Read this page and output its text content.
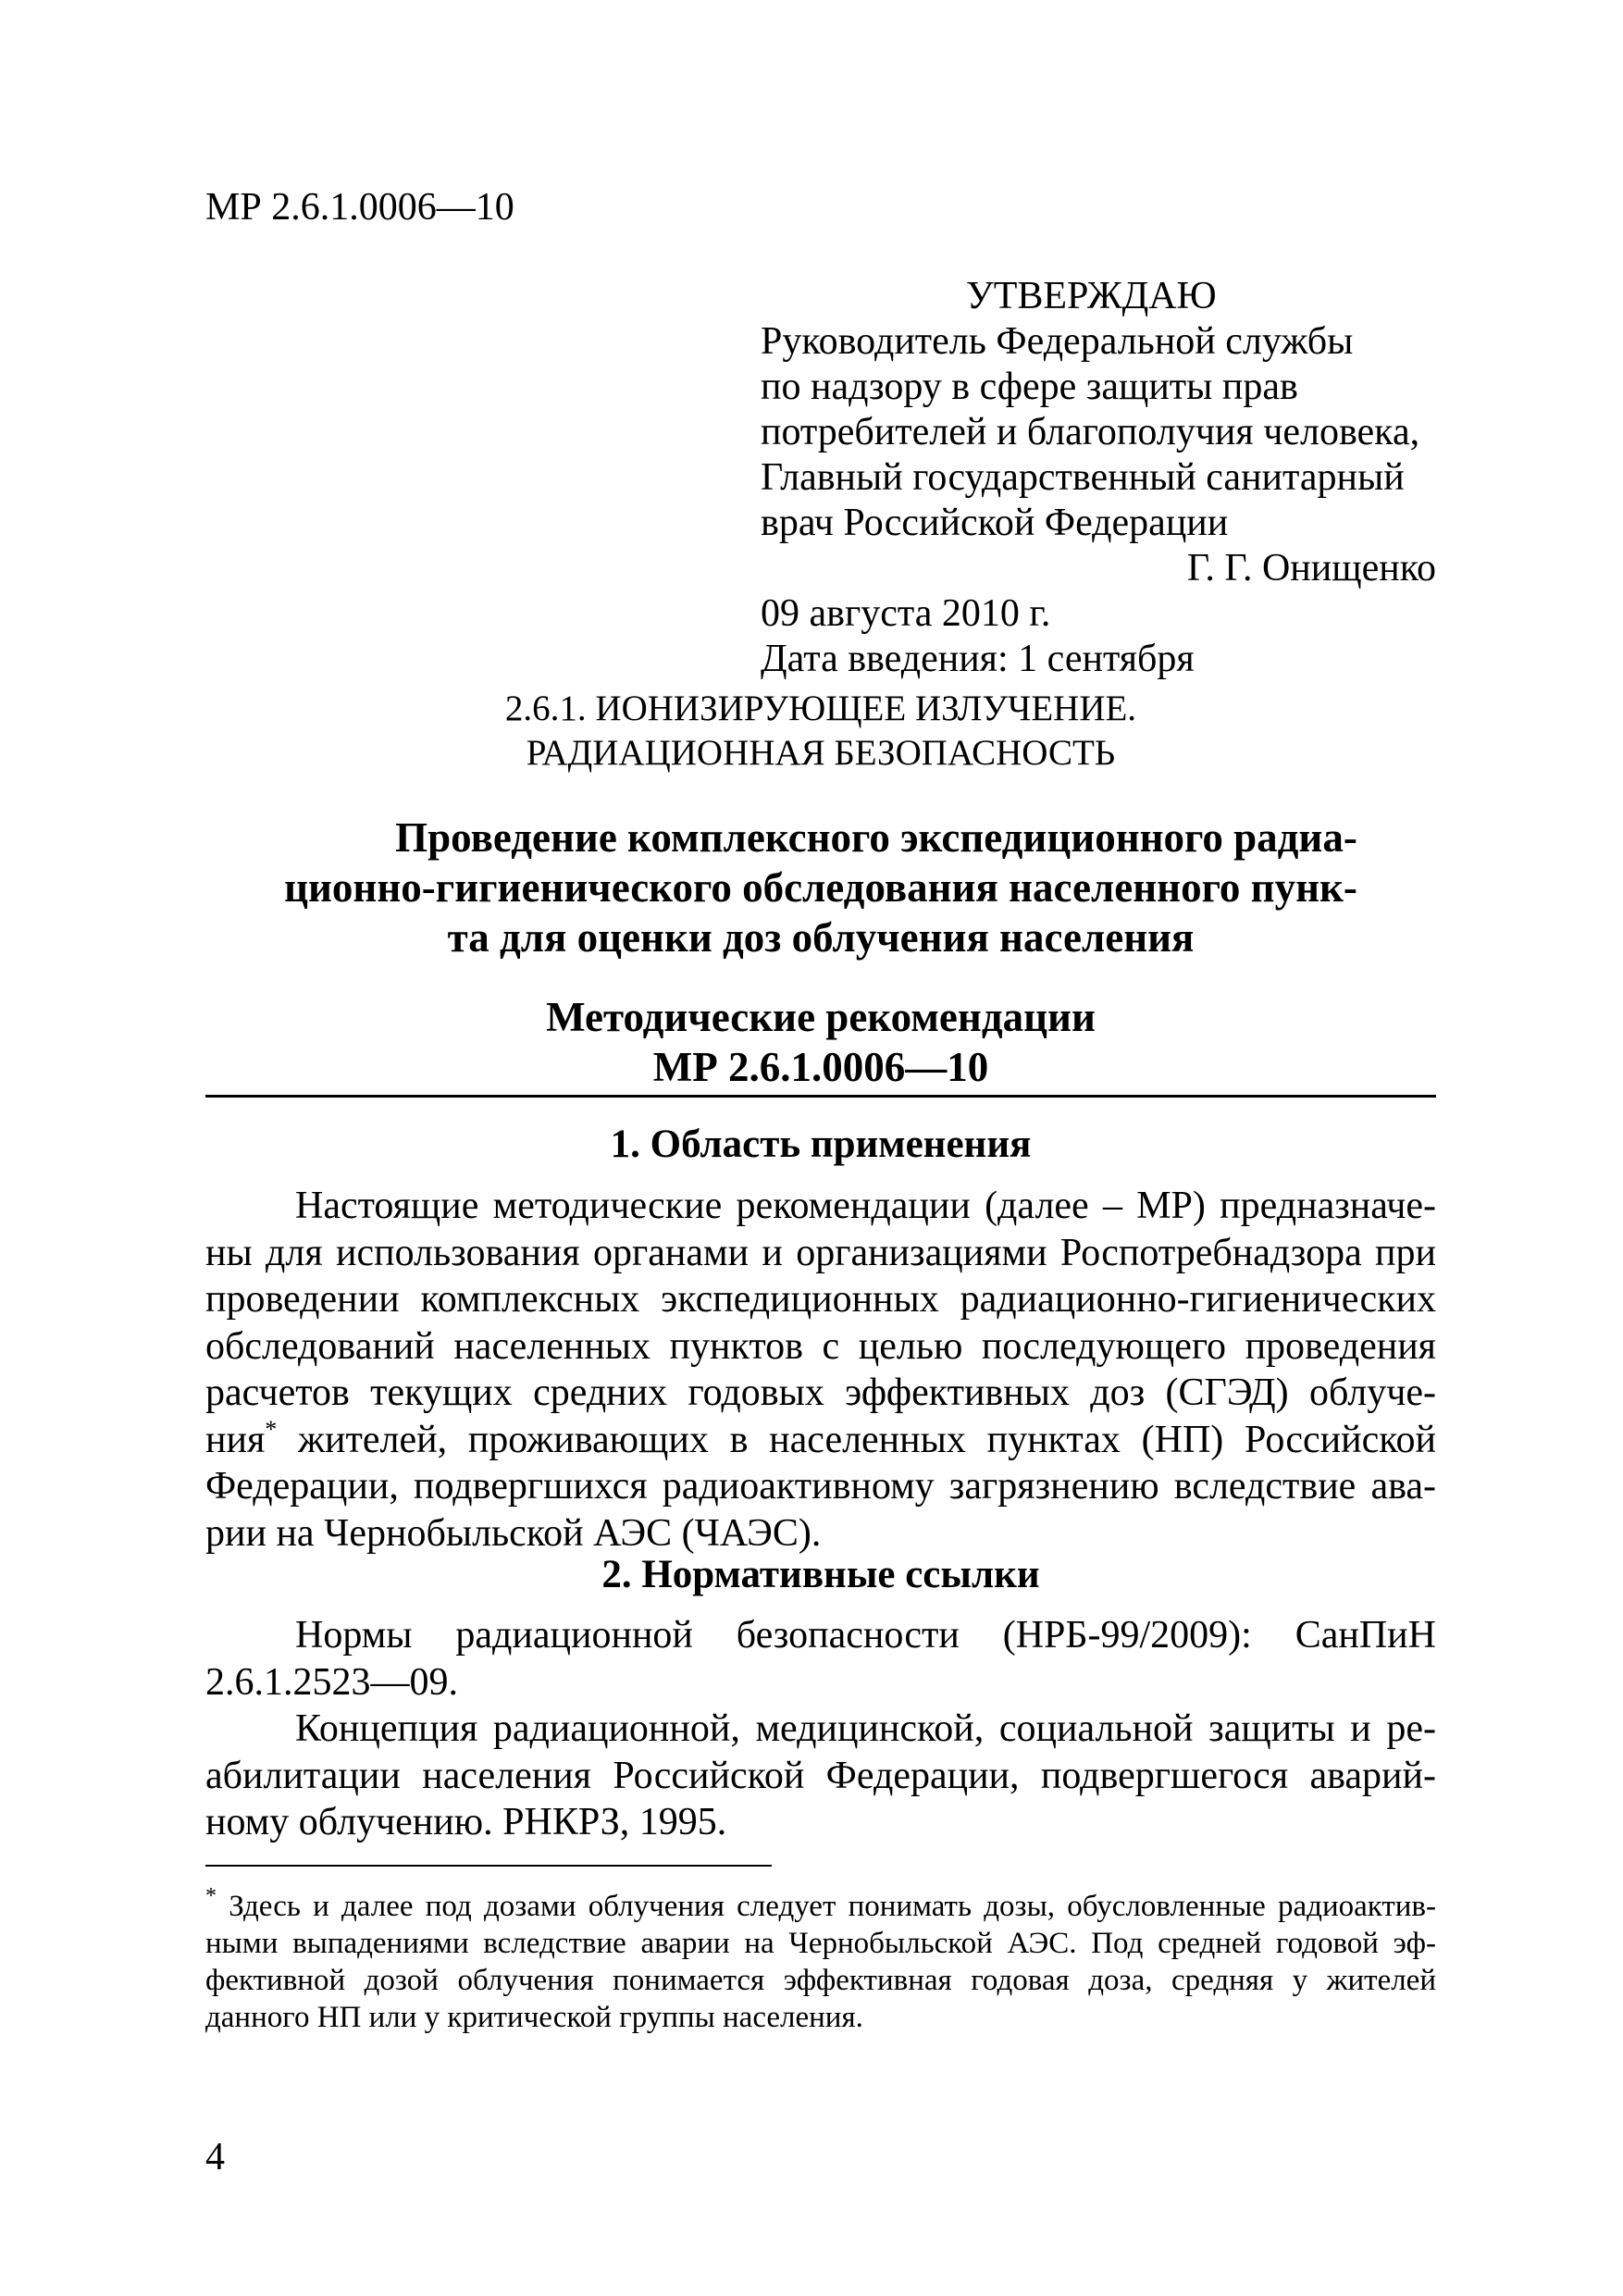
МР 2.6.1.0006—10
УТВЕРЖДАЮ
Руководитель Федеральной службы
по надзору в сфере защиты прав
потребителей и благополучия человека,
Главный государственный санитарный
врач Российской Федерации
Г. Г. Онищенко
09 августа 2010 г.
Дата введения: 1 сентября
2.6.1. ИОНИЗИРУЮЩЕЕ ИЗЛУЧЕНИЕ.
РАДИАЦИОННАЯ БЕЗОПАСНОСТЬ
Проведение комплексного экспедиционного радиа-
ционно-гигиенического обследования населенного пунк-
та для оценки доз облучения населения
Методические рекомендации
МР 2.6.1.0006—10
1. Область применения
Настоящие методические рекомендации (далее – МР) предназначе-
ны для использования органами и организациями Роспотребнадзора при
проведении комплексных экспедиционных радиационно-гигиенических
обследований населенных пунктов с целью последующего проведения
расчетов текущих средних годовых эффективных доз (СГЭД) облуче-
ния* жителей, проживающих в населенных пунктах (НП) Российской
Федерации, подвергшихся радиоактивному загрязнению вследствие ава-
рии на Чернобыльской АЭС (ЧАЭС).
2. Нормативные ссылки
Нормы радиационной безопасности (НРБ-99/2009): СанПиН
2.6.1.2523—09.
Концепция радиационной, медицинской, социальной защиты и ре-
абилитации населения Российской Федерации, подвергшегося аварий-
ному облучению. РНКРЗ, 1995.
* Здесь и далее под дозами облучения следует понимать дозы, обусловленные радиоактив-
ными выпадениями вследствие аварии на Чернобыльской АЭС. Под средней годовой эф-
фективной дозой облучения понимается эффективная годовая доза, средняя у жителей
данного НП или у критической группы населения.
4
